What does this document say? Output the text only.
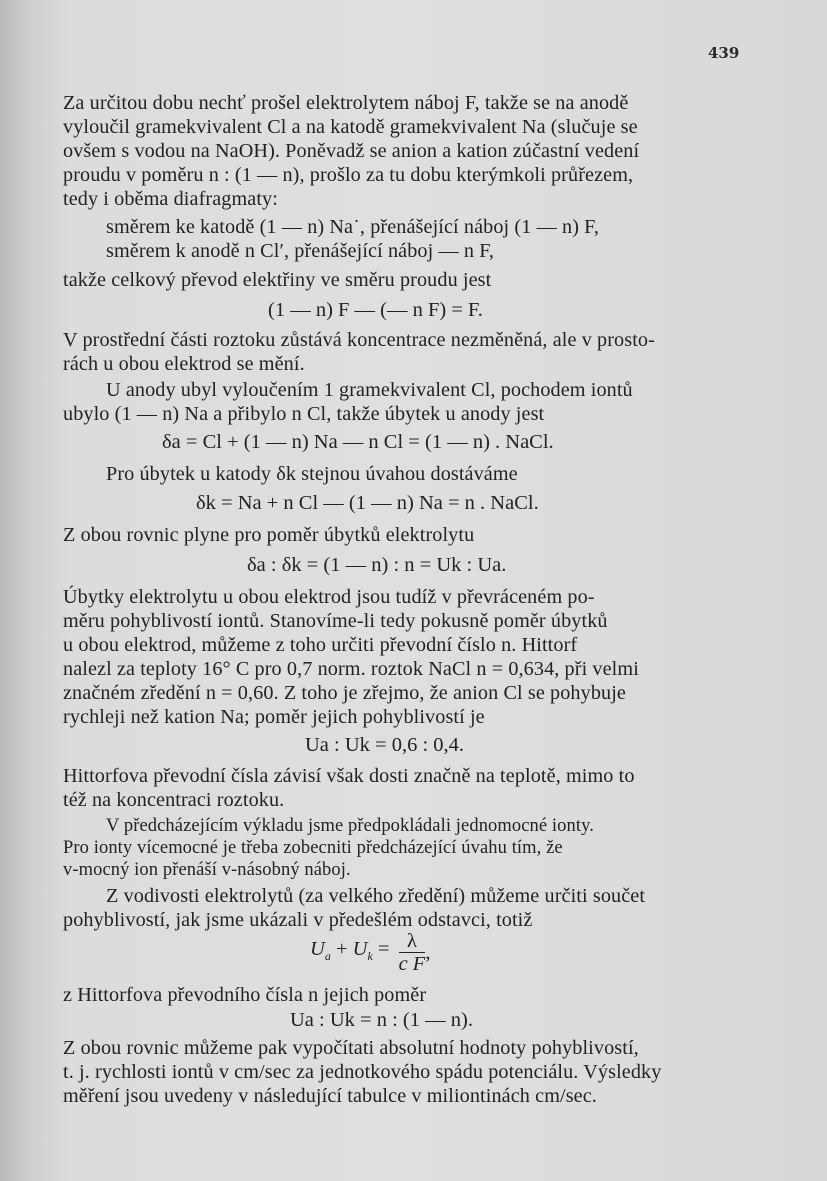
439
Za určitou dobu nechť prošel elektrolytem náboj F, takže se na anodě
vyloučil gramekvivalent Cl a na katodě gramekvivalent Na (slučuje se
ovšem s vodou na NaOH). Poněvadž se anion a kation zúčastní vedení
proudu v poměru n : (1 — n), prošlo za tu dobu kterýmkoli průřezem,
tedy i oběma diafragmaty:
směrem ke katodě (1 — n) Na˙, přenášející náboj (1 — n) F,
směrem k anodě n Cl′, přenášející náboj — n F,
takže celkový převod elektřiny ve směru proudu jest
(1 — n) F — (— n F) = F.
V prostřední části roztoku zůstává koncentrace nezměněná, ale v prosto-
rách u obou elektrod se mění.
U anody ubyl vyloučením 1 gramekvivalent Cl, pochodem iontů
ubylo (1 — n) Na a přibylo n Cl, takže úbytek u anody jest
δa = Cl + (1 — n) Na — n Cl = (1 — n) . NaCl.
Pro úbytek u katody δk stejnou úvahou dostáváme
δk = Na + n Cl — (1 — n) Na = n . NaCl.
Z obou rovnic plyne pro poměr úbytků elektrolytu
δa : δk = (1 — n) : n = Uk : Ua.
Úbytky elektrolytu u obou elektrod jsou tudíž v převráceném po-
měru pohyblivostí iontů. Stanovíme-li tedy pokusně poměr úbytků
u obou elektrod, můžeme z toho určiti převodní číslo n. Hittorf
nalezl za teploty 16° C pro 0,7 norm. roztok NaCl n = 0,634, při velmi
značném zředění n = 0,60. Z toho je zřejmo, že anion Cl se pohybuje
rychleji než kation Na; poměr jejich pohyblivostí je
Ua : Uk = 0,6 : 0,4.
Hittorfova převodní čísla závisí však dosti značně na teplotě, mimo to
též na koncentraci roztoku.
V předcházejícím výkladu jsme předpokládali jednomocné ionty.
Pro ionty vícemocné je třeba zobecniti předcházející úvahu tím, že
v-mocný ion přenáší v-násobný náboj.
Z vodivosti elektrolytů (za velkého zředění) můžeme určiti součet
pohyblivostí, jak jsme ukázali v předešlém odstavci, totiž
$U_a + U_k = \frac{\lambda}{\text{c F}}$ ,
z Hittorfova převodního čísla n jejich poměr
Ua : Uk = n : (1 — n).
Z obou rovnic můžeme pak vypočítati absolutní hodnoty pohyblivostí,
t. j. rychlosti iontů v cm/sec za jednotkového spádu potenciálu. Výsledky
měření jsou uvedeny v následující tabulce v miliontinách cm/sec.
